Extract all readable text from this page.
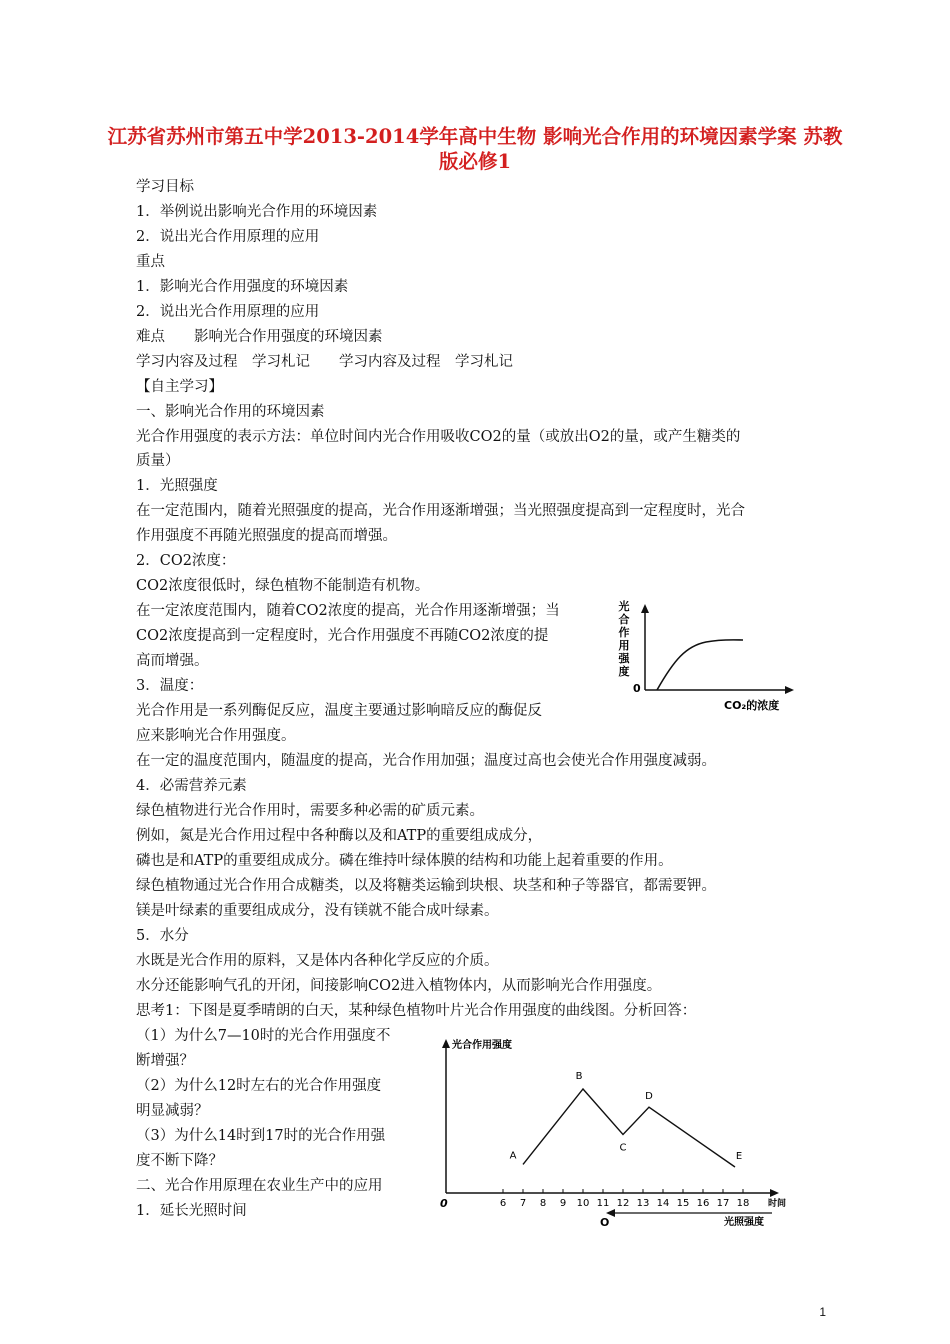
江苏省苏州市第五中学2013-2014学年高中生物 影响光合作用的环境因素学案 苏教版必修1
学习目标
1．举例说出影响光合作用的环境因素
2．说出光合作用原理的应用
重点
1．影响光合作用强度的环境因素
2．说出光合作用原理的应用
难点　　影响光合作用强度的环境因素
学习内容及过程　学习札记　　学习内容及过程　学习札记
【自主学习】
一、影响光合作用的环境因素
光合作用强度的表示方法：单位时间内光合作用吸收CO2的量（或放出O2的量，或产生糖类的
质量）
1．光照强度
在一定范围内，随着光照强度的提高，光合作用逐渐增强；当光照强度提高到一定程度时，光合
作用强度不再随光照强度的提高而增强。
2．CO2浓度：
CO2浓度很低时，绿色植物不能制造有机物。
在一定浓度范围内，随着CO2浓度的提高，光合作用逐渐增强；当
CO2浓度提高到一定程度时，光合作用强度不再随CO2浓度的提
高而增强。
3．温度：
光合作用是一系列酶促反应，温度主要通过影响暗反应的酶促反
应来影响光合作用强度。
在一定的温度范围内，随温度的提高，光合作用加强；温度过高也会使光合作用强度减弱。
4．必需营养元素
绿色植物进行光合作用时，需要多种必需的矿质元素。
例如，氮是光合作用过程中各种酶以及和ATP的重要组成成分，
磷也是和ATP的重要组成成分。磷在维持叶绿体膜的结构和功能上起着重要的作用。
绿色植物通过光合作用合成糖类，以及将糖类运输到块根、块茎和种子等器官，都需要钾。
镁是叶绿素的重要组成成分，没有镁就不能合成叶绿素。
5．水分
水既是光合作用的原料，又是体内各种化学反应的介质。
水分还能影响气孔的开闭，间接影响CO2进入植物体内，从而影响光合作用强度。
思考1：下图是夏季晴朗的白天，某种绿色植物叶片光合作用强度的曲线图。分析回答：
（1）为什么7—10时的光合作用强度不
断增强？
（2）为什么12时左右的光合作用强度
明显减弱？
（3）为什么14时到17时的光合作用强
度不断下降？
二、光合作用原理在农业生产中的应用
1．延长光照时间
光
合
作
用
强
度
0
CO₂的浓度
光合作用强度
0	时间
6 7 8 9 10 11 12 13 14 15 16 17 18
A
B
C
D
E
O	光照强度
1
